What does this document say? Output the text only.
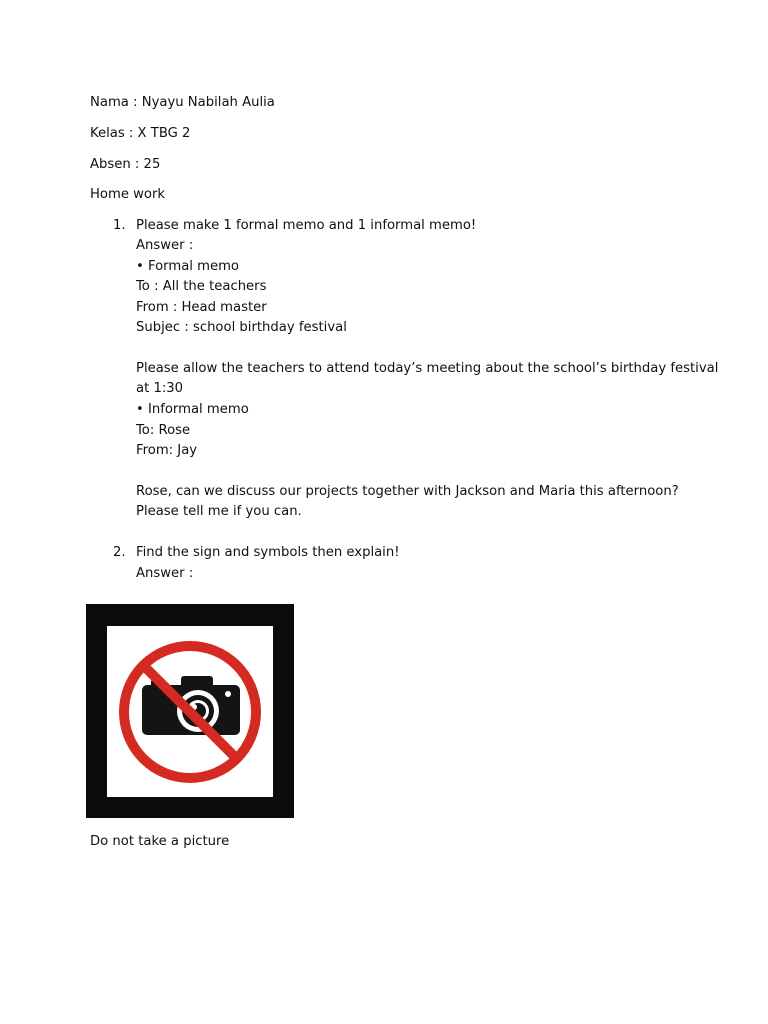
Nama : Nyayu Nabilah Aulia
Kelas : X TBG 2
Absen : 25
Home work
1. Please make 1 formal memo and 1 informal memo!
Answer :
• Formal memo
To : All the teachers
From : Head master
Subjec : school birthday festival
Please allow the teachers to attend today’s meeting about the school’s birthday festival
at 1:30
• Informal memo
To: Rose
From: Jay
Rose, can we discuss our projects together with Jackson and Maria this afternoon?
Please tell me if you can.
2. Find the sign and symbols then explain!
Answer :
Do not take a picture
